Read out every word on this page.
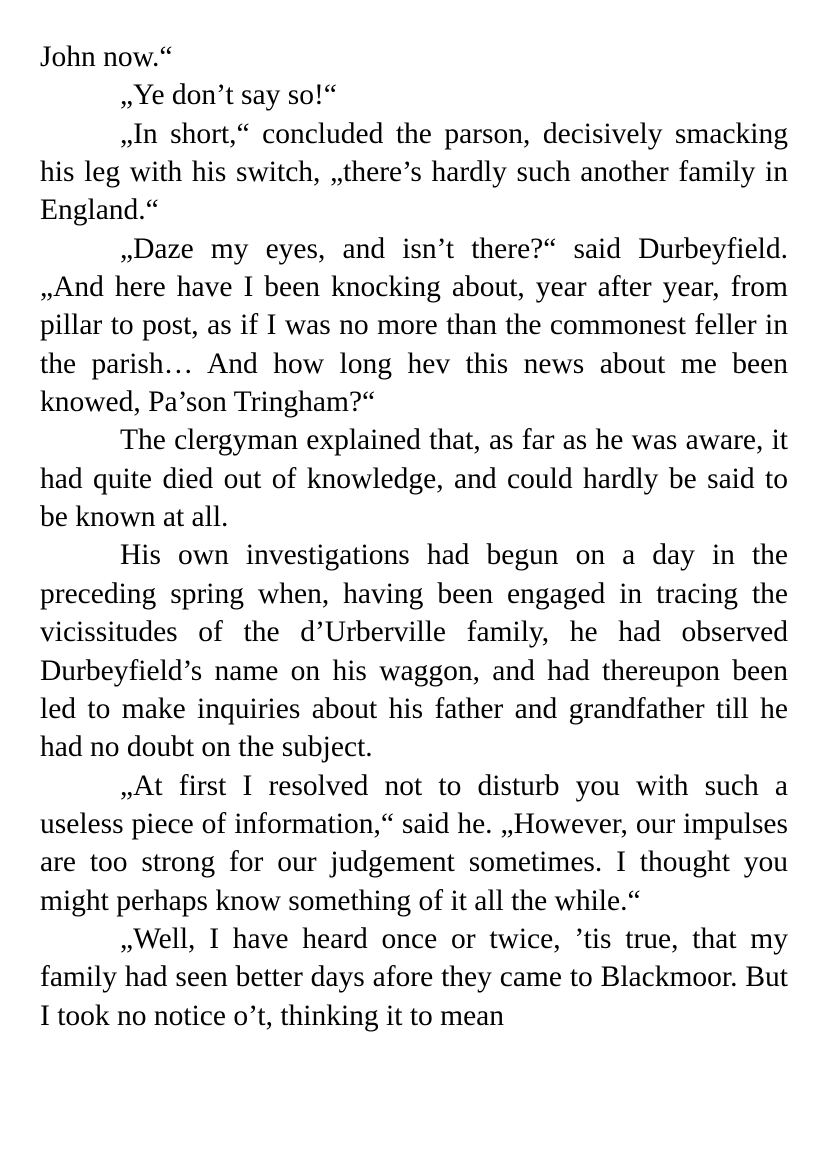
John now.“

„Ye don’t say so!“

„In short,“ concluded the parson, decisively smacking his leg with his switch, „there’s hardly such another family in England.“

„Daze my eyes, and isn’t there?“ said Durbeyfield. „And here have I been knocking about, year after year, from pillar to post, as if I was no more than the commonest feller in the parish… And how long hev this news about me been knowed, Pa’son Tringham?“

The clergyman explained that, as far as he was aware, it had quite died out of knowledge, and could hardly be said to be known at all.

His own investigations had begun on a day in the preceding spring when, having been engaged in tracing the vicissitudes of the d’Urberville family, he had observed Durbeyfield’s name on his waggon, and had thereupon been led to make inquiries about his father and grandfather till he had no doubt on the subject.

„At first I resolved not to disturb you with such a useless piece of information,“ said he. „However, our impulses are too strong for our judgement sometimes. I thought you might perhaps know something of it all the while.“

„Well, I have heard once or twice, ’tis true, that my family had seen better days afore they came to Blackmoor. But I took no notice o’t, thinking it to mean
